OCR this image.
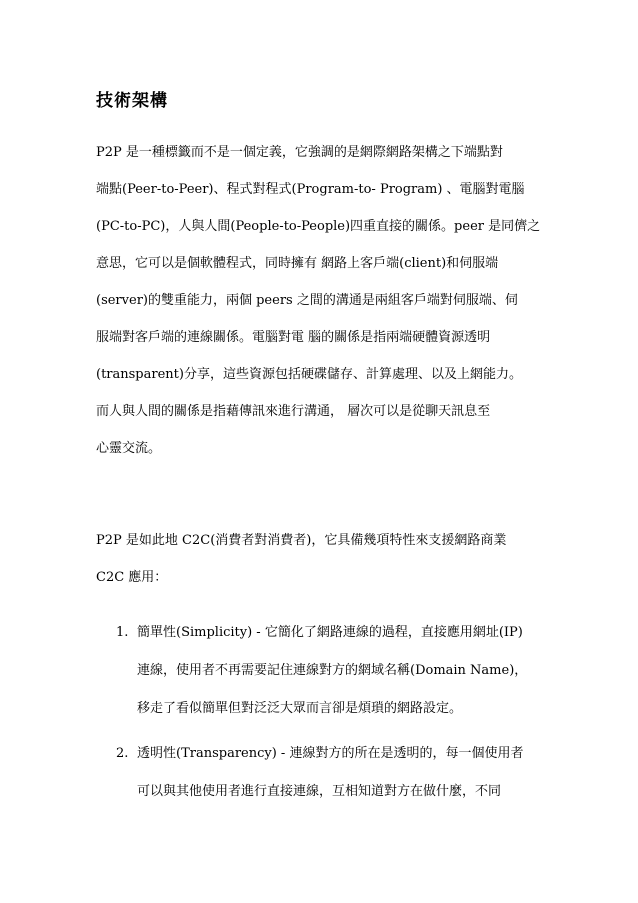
技術架構

P2P 是一種標籤而不是一個定義，它強調的是網際網路架構之下端點對

端點(Peer-to-Peer)、程式對程式(Program-to- Program) 、電腦對電腦

(PC-to-PC)，人與人間(People-to-People)四重直接的關係。peer 是同儕之

意思，它可以是個軟體程式，同時擁有 網路上客戶端(client)和伺服端

(server)的雙重能力，兩個 peers 之間的溝通是兩組客戶端對伺服端、伺

服端對客戶端的連線關係。電腦對電 腦的關係是指兩端硬體資源透明

(transparent)分享，這些資源包括硬碟儲存、計算處理、以及上網能力。

而人與人間的關係是指藉傳訊來進行溝通， 層次可以是從聊天訊息至

心靈交流。

P2P 是如此地 C2C(消費者對消費者)，它具備幾項特性來支援網路商業

C2C 應用：

1. 簡單性(Simplicity) - 它簡化了網路連線的過程，直接應用網址(IP)

連線，使用者不再需要記住連線對方的網域名稱(Domain Name)，

移走了看似簡單但對泛泛大眾而言卻是煩瑣的網路設定。

2. 透明性(Transparency) - 連線對方的所在是透明的，每一個使用者

可以與其他使用者進行直接連線，互相知道對方在做什麼，不同
